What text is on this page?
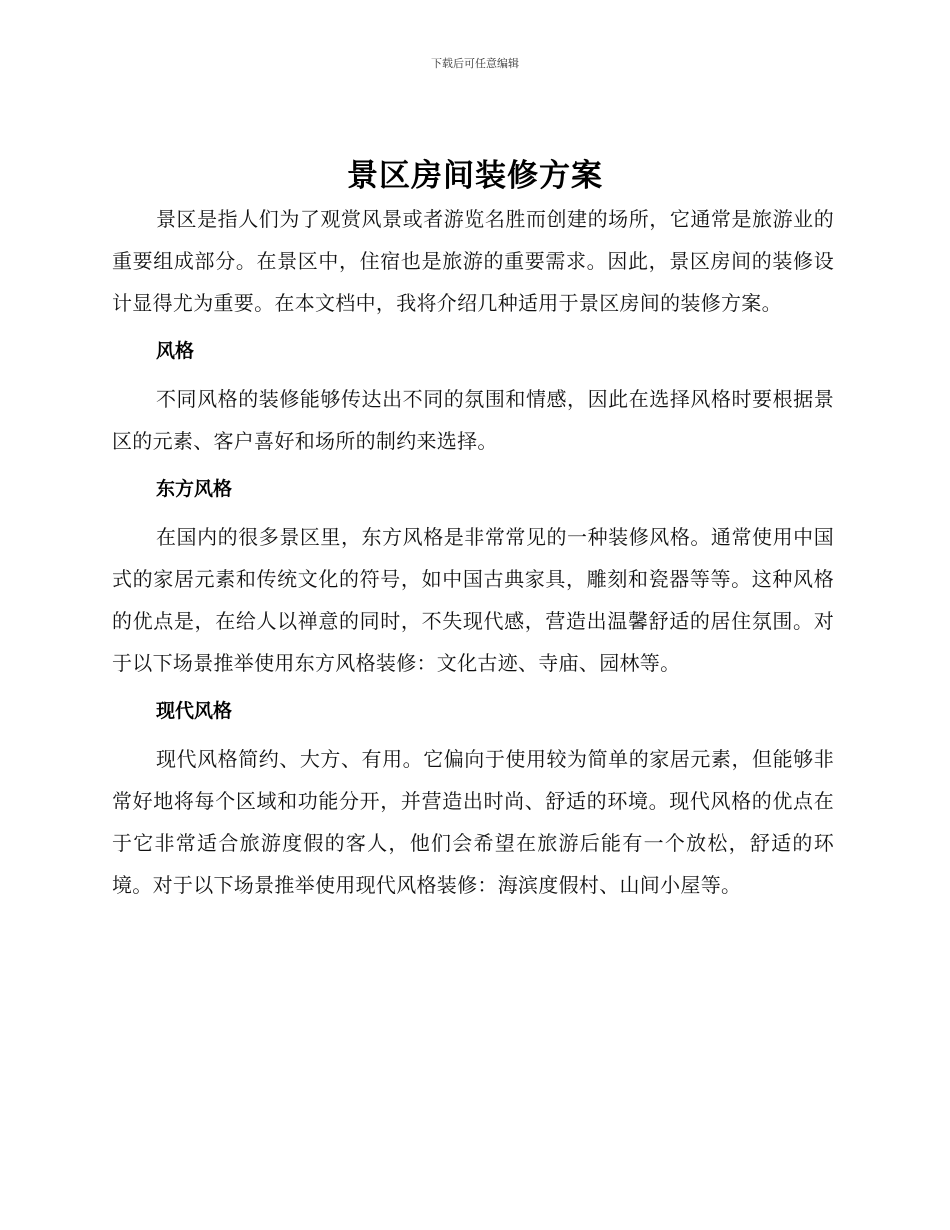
下载后可任意编辑
景区房间装修方案

景区是指人们为了观赏风景或者游览名胜而创建的场所，它通常是旅游业的重要组成部分。在景区中，住宿也是旅游的重要需求。因此，景区房间的装修设计显得尤为重要。在本文档中，我将介绍几种适用于景区房间的装修方案。

风格

不同风格的装修能够传达出不同的氛围和情感，因此在选择风格时要根据景区的元素、客户喜好和场所的制约来选择。

东方风格

在国内的很多景区里，东方风格是非常常见的一种装修风格。通常使用中国式的家居元素和传统文化的符号，如中国古典家具，雕刻和瓷器等等。这种风格的优点是，在给人以禅意的同时，不失现代感，营造出温馨舒适的居住氛围。对于以下场景推举使用东方风格装修：文化古迹、寺庙、园林等。

现代风格

现代风格简约、大方、有用。它偏向于使用较为简单的家居元素，但能够非常好地将每个区域和功能分开，并营造出时尚、舒适的环境。现代风格的优点在于它非常适合旅游度假的客人，他们会希望在旅游后能有一个放松，舒适的环境。对于以下场景推举使用现代风格装修：海滨度假村、山间小屋等。
